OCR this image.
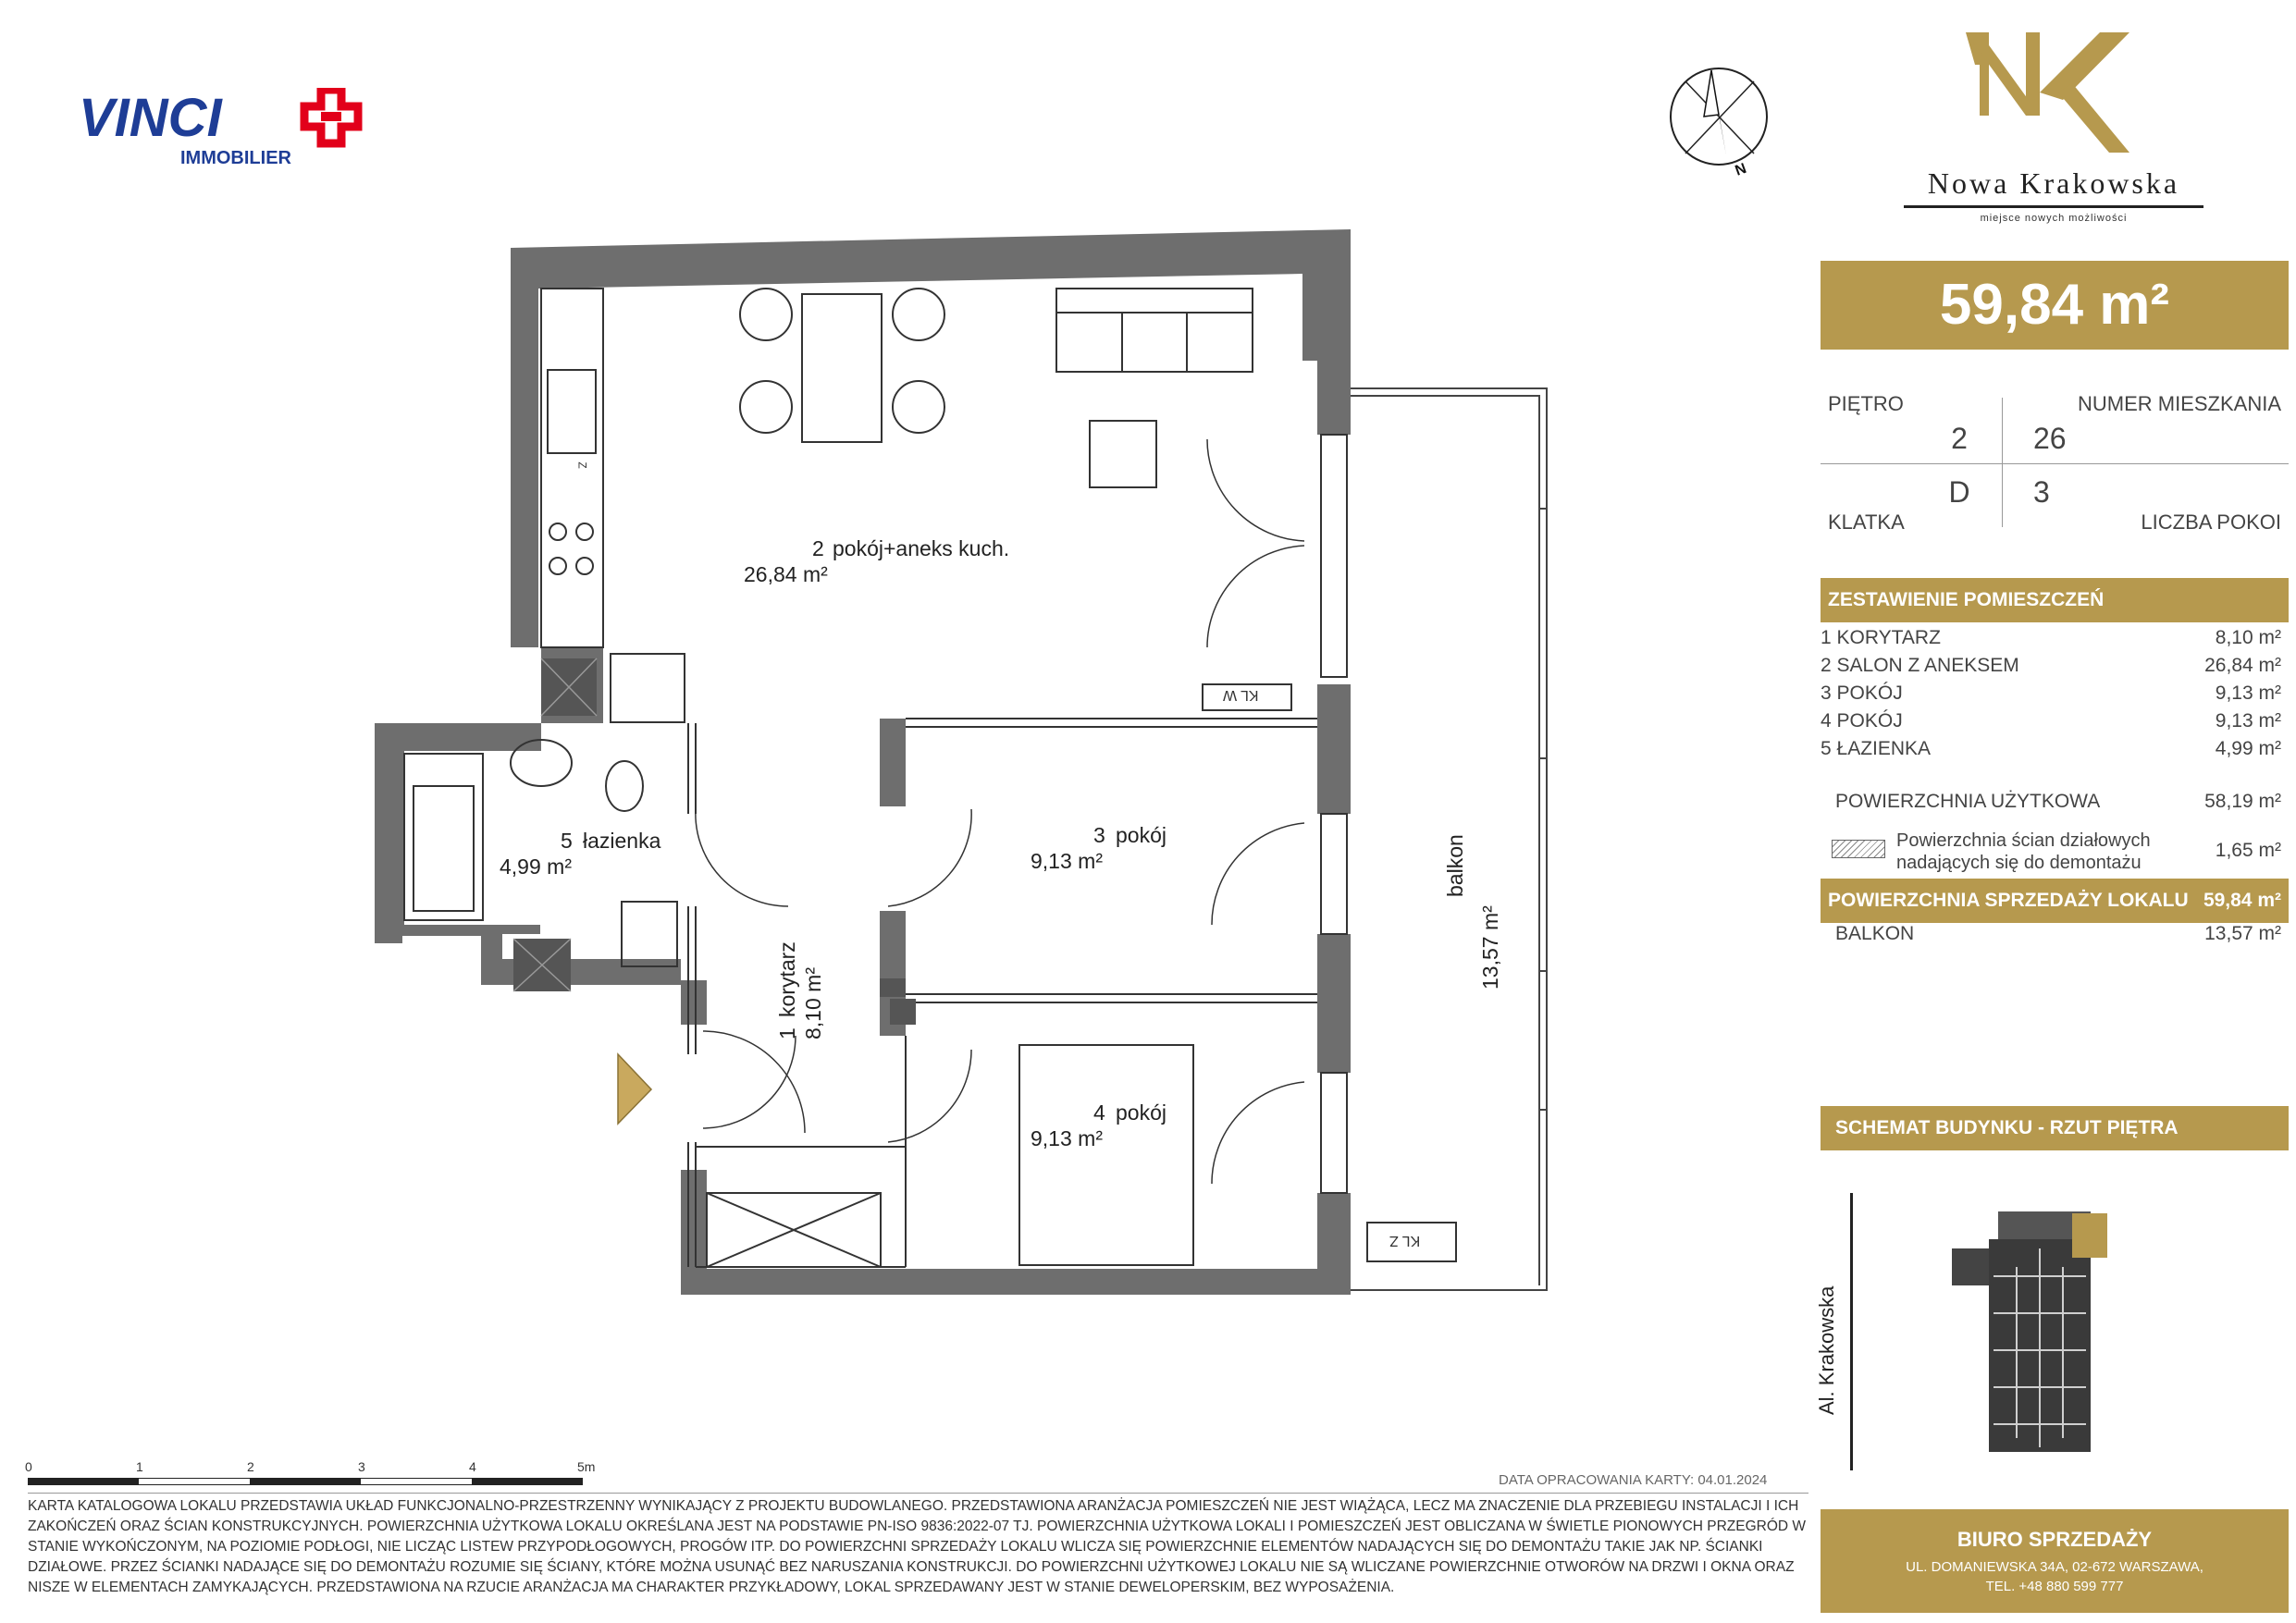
VINCI
IMMOBILIER
N	Nowa Krakowska
miejsce nowych możliwości
59,84 m²
PIĘTRO	NUMER MIESZKANIA
2	26
D 3
KLATKA	LICZBA POKOI
ZESTAWIENIE POMIESZCZEŃ
1 KORYTARZ	8,10 m²
2 SALON Z ANEKSEM	26,84 m²
3 POKÓJ	9,13 m²
4 POKÓJ	9,13 m²
5 ŁAZIENKA	4,99 m²
POWIERZCHNIA UŻYTKOWA	58,19 m²
Powierzchnia ścian działowych
nadających się do demontażu
1,65 m²
POWIERZCHNIA SPRZEDAŻY LOKALU 59,84 m²
BALKON	13,57 m²
SCHEMAT BUDYNKU - RZUT PIĘTRA
Al. Krakowska
2 pokój+aneks kuch.
26,84 m²
3 pokój
9,13 m²
4 pokój
9,13 m²
5 łazienka
4,99 m²
1
korytarz 8,10 m²
balkon
13,57 m²
KL W
KL Z
Z
0	1	2	3	4	5m
DATA OPRACOWANIA KARTY: 04.01.2024
KARTA KATALOGOWA LOKALU PRZEDSTAWIA UKŁAD FUNKCJONALNO-PRZESTRZENNY WYNIKAJĄCY Z PROJEKTU BUDOWLANEGO. PRZEDSTAWIONA ARANŻACJA POMIESZCZEŃ NIE JEST WIĄŻĄCA, LECZ MA ZNACZENIE DLA PRZEBIEGU INSTALACJI I ICH
ZAKOŃCZEŃ ORAZ ŚCIAN KONSTRUKCYJNYCH. POWIERZCHNIA UŻYTKOWA LOKALU OKREŚLANA JEST NA PODSTAWIE PN-ISO 9836:2022-07 TJ. POWIERZCHNIA UŻYTKOWA LOKALI I POMIESZCZEŃ JEST OBLICZANA W ŚWIETLE PIONOWYCH PRZEGRÓD W
STANIE WYKOŃCZONYM, NA POZIOMIE PODŁOGI, NIE LICZĄC LISTEW PRZYPODŁOGOWYCH, PROGÓW ITP. DO POWIERZCHNI SPRZEDAŻY LOKALU WLICZA SIĘ POWIERZCHNIE ELEMENTÓW NADAJĄCYCH SIĘ DO DEMONTAŻU TAKIE JAK NP. ŚCIANKI
DZIAŁOWE. PRZEZ ŚCIANKI NADAJĄCE SIĘ DO DEMONTAŻU ROZUMIE SIĘ ŚCIANY, KTÓRE MOŻNA USUNĄĆ BEZ NARUSZANIA KONSTRUKCJI. DO POWIERZCHNI UŻYTKOWEJ LOKALU NIE SĄ WLICZANE POWIERZCHNIE OTWORÓW NA DRZWI I OKNA ORAZ
NISZE W ELEMENTACH ZAMYKAJĄCYCH. PRZEDSTAWIONA NA RZUCIE ARANŻACJA MA CHARAKTER PRZYKŁADOWY, LOKAL SPRZEDAWANY JEST W STANIE DEWELOPERSKIM, BEZ WYPOSAŻENIA.
BIURO SPRZEDAŻY
UL. DOMANIEWSKA 34A, 02-672 WARSZAWA,
TEL. +48 880 599 777
